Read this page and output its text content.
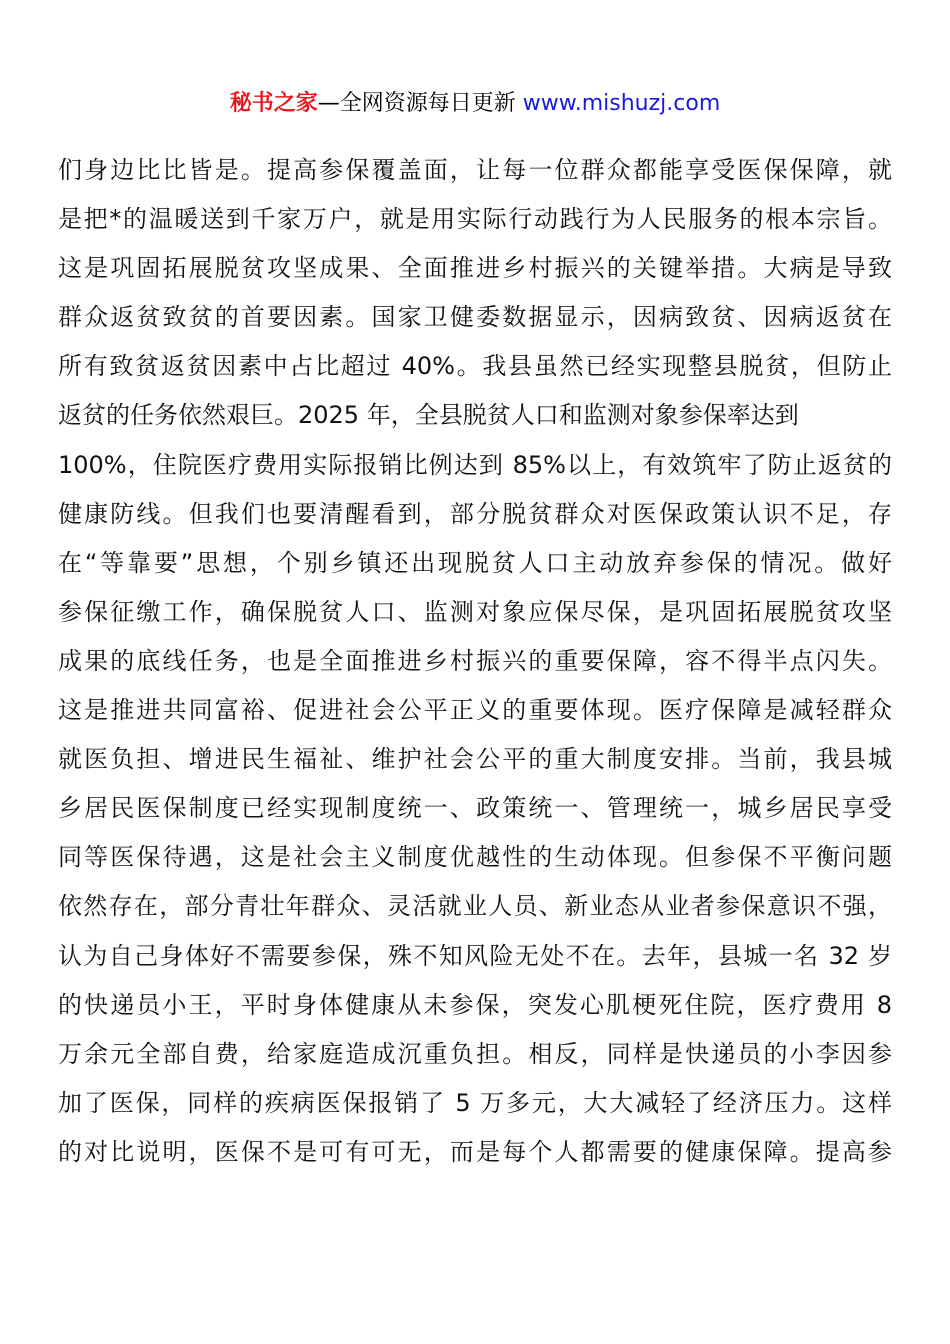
秘书之家—全网资源每日更新 www.mishuzj.com
们身边比比皆是。提高参保覆盖面，让每一位群众都能享受医保保障，就
是把*的温暖送到千家万户，就是用实际行动践行为人民服务的根本宗旨。
这是巩固拓展脱贫攻坚成果、全面推进乡村振兴的关键举措。大病是导致
群众返贫致贫的首要因素。国家卫健委数据显示，因病致贫、因病返贫在
所有致贫返贫因素中占比超过 40%。我县虽然已经实现整县脱贫，但防止
返贫的任务依然艰巨。2025 年，全县脱贫人口和监测对象参保率达到
100%，住院医疗费用实际报销比例达到 85%以上，有效筑牢了防止返贫的
健康防线。但我们也要清醒看到，部分脱贫群众对医保政策认识不足，存
在“等靠要”思想，个别乡镇还出现脱贫人口主动放弃参保的情况。做好
参保征缴工作，确保脱贫人口、监测对象应保尽保，是巩固拓展脱贫攻坚
成果的底线任务，也是全面推进乡村振兴的重要保障，容不得半点闪失。
这是推进共同富裕、促进社会公平正义的重要体现。医疗保障是减轻群众
就医负担、增进民生福祉、维护社会公平的重大制度安排。当前，我县城
乡居民医保制度已经实现制度统一、政策统一、管理统一，城乡居民享受
同等医保待遇，这是社会主义制度优越性的生动体现。但参保不平衡问题
依然存在，部分青壮年群众、灵活就业人员、新业态从业者参保意识不强，
认为自己身体好不需要参保，殊不知风险无处不在。去年，县城一名 32 岁
的快递员小王，平时身体健康从未参保，突发心肌梗死住院，医疗费用 8
万余元全部自费，给家庭造成沉重负担。相反，同样是快递员的小李因参
加了医保，同样的疾病医保报销了 5 万多元，大大减轻了经济压力。这样
的对比说明，医保不是可有可无，而是每个人都需要的健康保障。提高参
